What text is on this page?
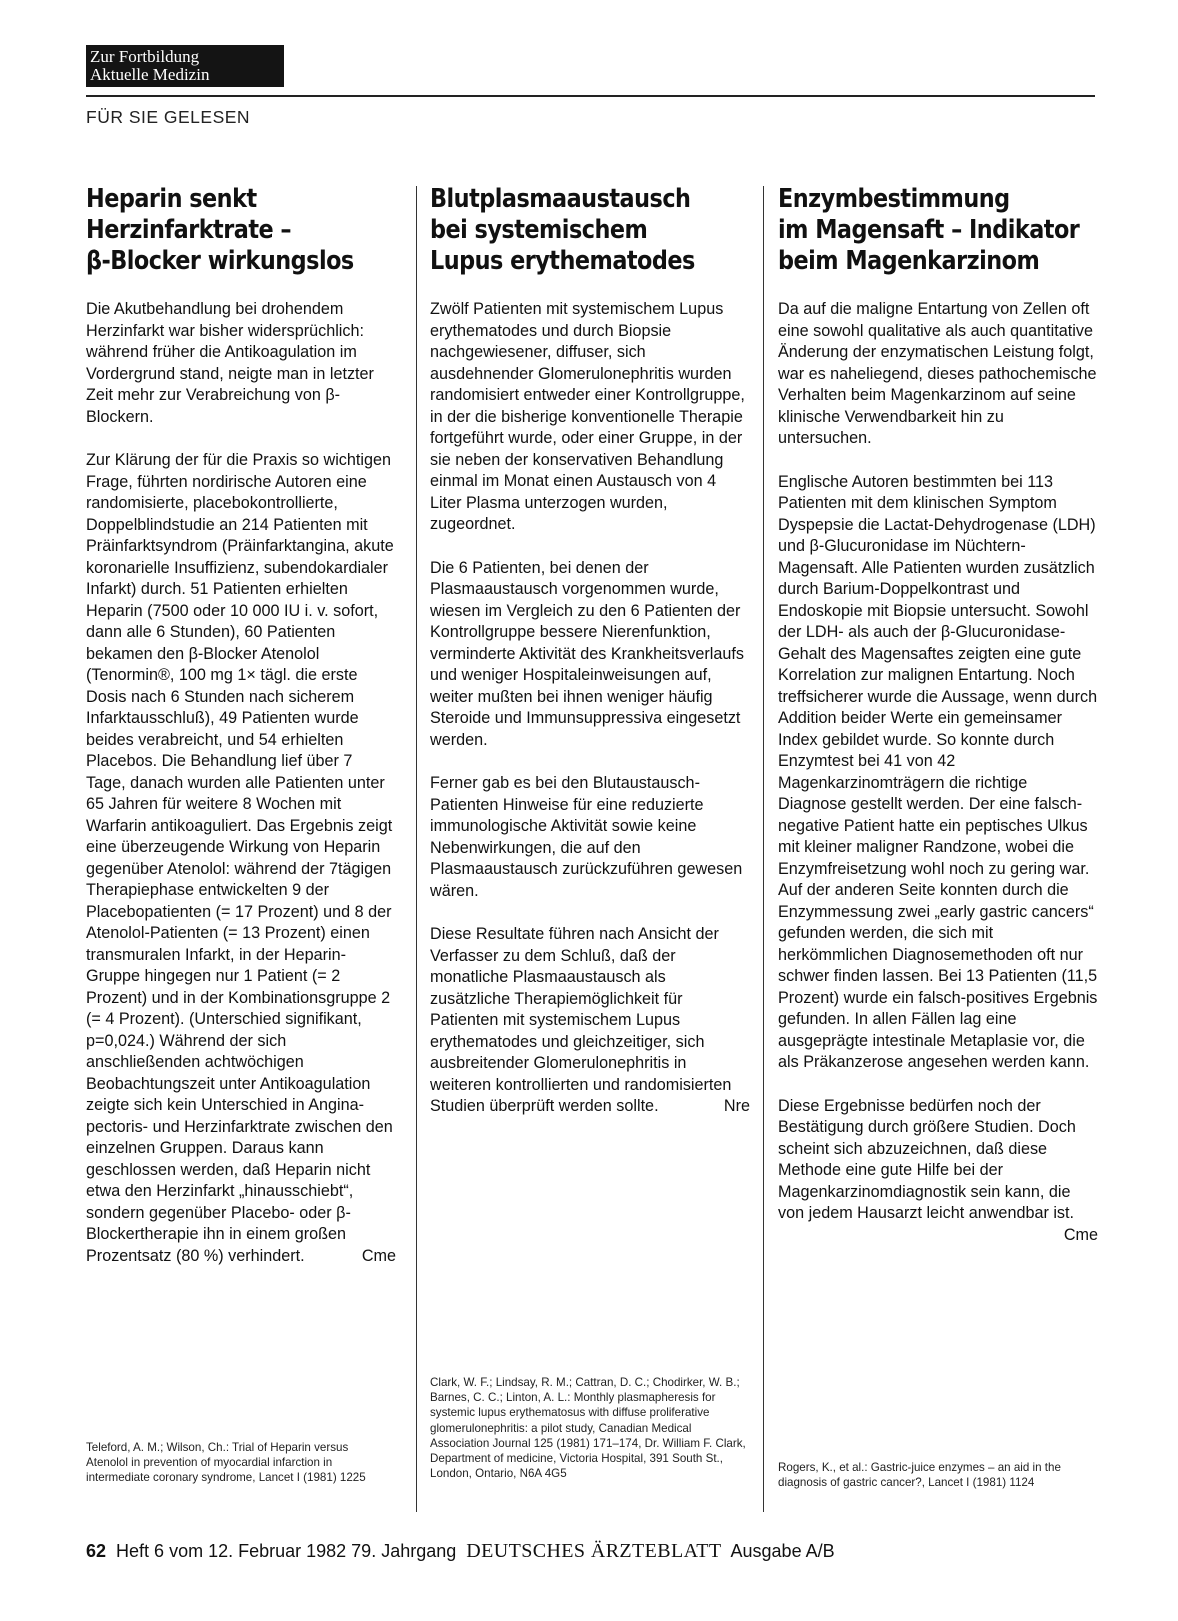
Zur Fortbildung
Aktuelle Medizin
FÜR SIE GELESEN
Heparin senkt
Herzinfarktrate –
β-Blocker wirkungslos

Die Akutbehandlung bei drohendem Herzinfarkt war bisher widersprüchlich: während früher die Antikoagulation im Vordergrund stand, neigte man in letzter Zeit mehr zur Verabreichung von β-Blockern.

Zur Klärung der für die Praxis so wichtigen Frage, führten nordirische Autoren eine randomisierte, placebokontrollierte, Doppelblindstudie an 214 Patienten mit Präinfarktsyndrom (Präinfarktangina, akute koronarielle Insuffizienz, subendokardialer Infarkt) durch. 51 Patienten erhielten Heparin (7500 oder 10 000 IU i. v. sofort, dann alle 6 Stunden), 60 Patienten bekamen den β-Blocker Atenolol (Tenormin®, 100 mg 1× tägl. die erste Dosis nach 6 Stunden nach sicherem Infarktausschluß), 49 Patienten wurde beides verabreicht, und 54 erhielten Placebos. Die Behandlung lief über 7 Tage, danach wurden alle Patienten unter 65 Jahren für weitere 8 Wochen mit Warfarin antikoaguliert. Das Ergebnis zeigt eine überzeugende Wirkung von Heparin gegenüber Atenolol: während der 7tägigen Therapiephase entwickelten 9 der Placebopatienten (= 17 Prozent) und 8 der Atenolol-Patienten (= 13 Prozent) einen transmuralen Infarkt, in der Heparin-Gruppe hingegen nur 1 Patient (= 2 Prozent) und in der Kombinationsgruppe 2 (= 4 Prozent). (Unterschied signifikant, p=0,024.) Während der sich anschließenden achtwöchigen Beobachtungszeit unter Antikoagulation zeigte sich kein Unterschied in Angina-pectoris- und Herzinfarktrate zwischen den einzelnen Gruppen. Daraus kann geschlossen werden, daß Heparin nicht etwa den Herzinfarkt „hinausschiebt“, sondern gegenüber Placebo- oder β-Blockertherapie ihn in einem großen Prozentsatz (80 %) verhindert.	Cme

Teleford, A. M.; Wilson, Ch.: Trial of Heparin versus Atenolol in prevention of myocardial infarction in intermediate coronary syndrome, Lancet I (1981) 1225
Blutplasmaaustausch
bei systemischem
Lupus erythematodes

Zwölf Patienten mit systemischem Lupus erythematodes und durch Biopsie nachgewiesener, diffuser, sich ausdehnender Glomerulonephritis wurden randomisiert entweder einer Kontrollgruppe, in der die bisherige konventionelle Therapie fortgeführt wurde, oder einer Gruppe, in der sie neben der konservativen Behandlung einmal im Monat einen Austausch von 4 Liter Plasma unterzogen wurden, zugeordnet.

Die 6 Patienten, bei denen der Plasmaaustausch vorgenommen wurde, wiesen im Vergleich zu den 6 Patienten der Kontrollgruppe bessere Nierenfunktion, verminderte Aktivität des Krankheitsverlaufs und weniger Hospitaleinweisungen auf, weiter mußten bei ihnen weniger häufig Steroide und Immunsuppressiva eingesetzt werden.

Ferner gab es bei den Blutaustausch-Patienten Hinweise für eine reduzierte immunologische Aktivität sowie keine Nebenwirkungen, die auf den Plasmaaustausch zurückzuführen gewesen wären.

Diese Resultate führen nach Ansicht der Verfasser zu dem Schluß, daß der monatliche Plasmaaustausch als zusätzliche Therapiemöglichkeit für Patienten mit systemischem Lupus erythematodes und gleichzeitiger, sich ausbreitender Glomerulonephritis in weiteren kontrollierten und randomisierten Studien überprüft werden sollte.	Nre

Clark, W. F.; Lindsay, R. M.; Cattran, D. C.; Chodirker, W. B.; Barnes, C. C.; Linton, A. L.: Monthly plasmapheresis for systemic lupus erythematosus with diffuse proliferative glomerulonephritis: a pilot study, Canadian Medical Association Journal 125 (1981) 171–174, Dr. William F. Clark, Department of medicine, Victoria Hospital, 391 South St., London, Ontario, N6A 4G5
Enzymbestimmung
im Magensaft – Indikator
beim Magenkarzinom

Da auf die maligne Entartung von Zellen oft eine sowohl qualitative als auch quantitative Änderung der enzymatischen Leistung folgt, war es naheliegend, dieses pathochemische Verhalten beim Magenkarzinom auf seine klinische Verwendbarkeit hin zu untersuchen.

Englische Autoren bestimmten bei 113 Patienten mit dem klinischen Symptom Dyspepsie die Lactat-Dehydrogenase (LDH) und β-Glucuronidase im Nüchtern-Magensaft. Alle Patienten wurden zusätzlich durch Barium-Doppelkontrast und Endoskopie mit Biopsie untersucht. Sowohl der LDH- als auch der β-Glucuronidase-Gehalt des Magensaftes zeigten eine gute Korrelation zur malignen Entartung. Noch treffsicherer wurde die Aussage, wenn durch Addition beider Werte ein gemeinsamer Index gebildet wurde. So konnte durch Enzymtest bei 41 von 42 Magenkarzinomträgern die richtige Diagnose gestellt werden. Der eine falsch-negative Patient hatte ein peptisches Ulkus mit kleiner maligner Randzone, wobei die Enzymfreisetzung wohl noch zu gering war. Auf der anderen Seite konnten durch die Enzymmessung zwei „early gastric cancers“ gefunden werden, die sich mit herkömmlichen Diagnosemethoden oft nur schwer finden lassen. Bei 13 Patienten (11,5 Prozent) wurde ein falsch-positives Ergebnis gefunden. In allen Fällen lag eine ausgeprägte intestinale Metaplasie vor, die als Präkanzerose angesehen werden kann.

Diese Ergebnisse bedürfen noch der Bestätigung durch größere Studien. Doch scheint sich abzuzeichnen, daß diese Methode eine gute Hilfe bei der Magenkarzinomdiagnostik sein kann, die von jedem Hausarzt leicht anwendbar ist.
Cme

Rogers, K., et al.: Gastric-juice enzymes – an aid in the diagnosis of gastric cancer?, Lancet I (1981) 1124
62 Heft 6 vom 12. Februar 1982 79. Jahrgang DEUTSCHES ÄRZTEBLATT Ausgabe A/B
